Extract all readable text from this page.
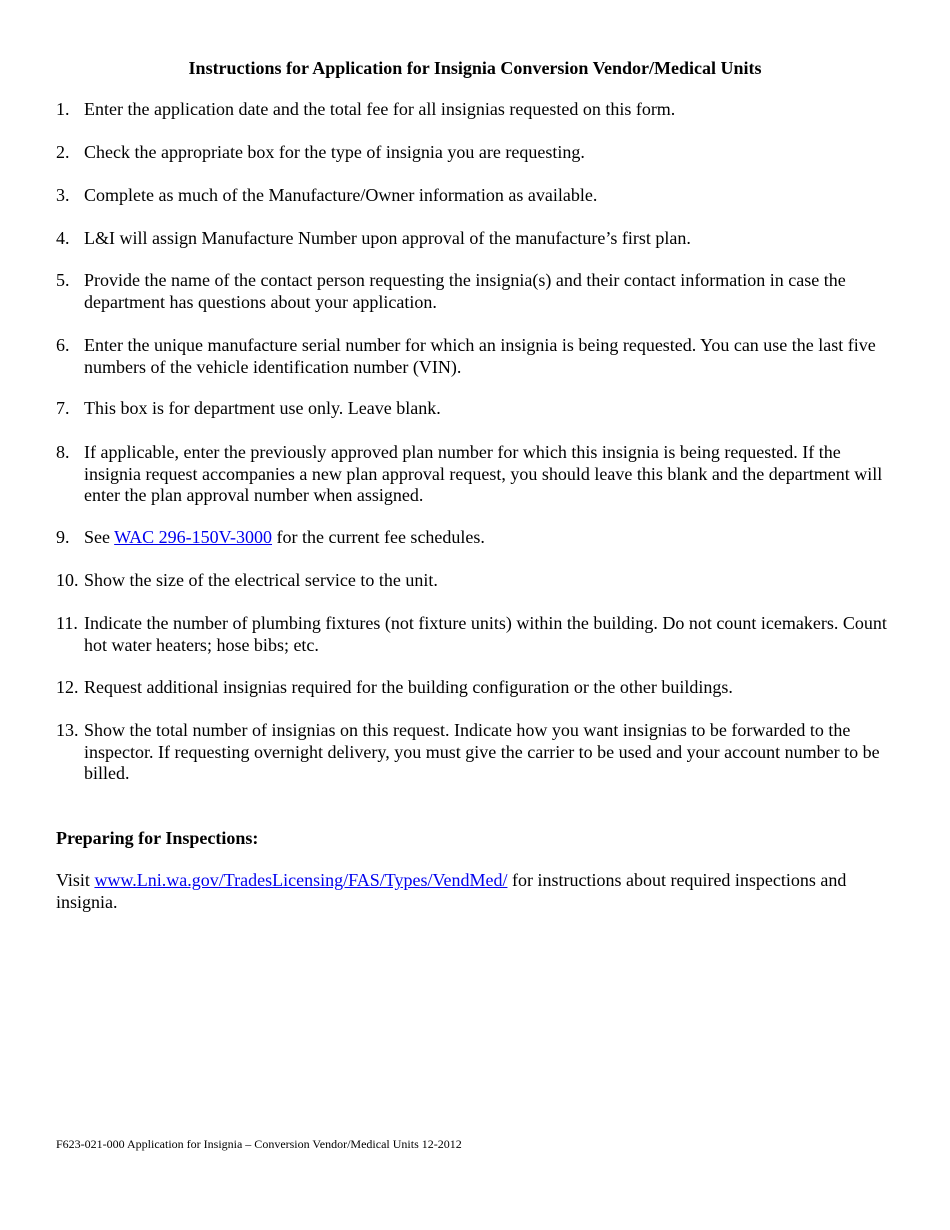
Instructions for Application for Insignia Conversion Vendor/Medical Units
1. Enter the application date and the total fee for all insignias requested on this form.
2. Check the appropriate box for the type of insignia you are requesting.
3. Complete as much of the Manufacture/Owner information as available.
4. L&I will assign Manufacture Number upon approval of the manufacture’s first plan.
5. Provide the name of the contact person requesting the insignia(s) and their contact information in case the department has questions about your application.
6. Enter the unique manufacture serial number for which an insignia is being requested. You can use the last five numbers of the vehicle identification number (VIN).
7. This box is for department use only. Leave blank.
8. If applicable, enter the previously approved plan number for which this insignia is being requested. If the insignia request accompanies a new plan approval request, you should leave this blank and the department will enter the plan approval number when assigned.
9. See WAC 296-150V-3000 for the current fee schedules.
10. Show the size of the electrical service to the unit.
11. Indicate the number of plumbing fixtures (not fixture units) within the building. Do not count icemakers. Count hot water heaters; hose bibs; etc.
12. Request additional insignias required for the building configuration or the other buildings.
13. Show the total number of insignias on this request. Indicate how you want insignias to be forwarded to the inspector. If requesting overnight delivery, you must give the carrier to be used and your account number to be billed.
Preparing for Inspections:
Visit www.Lni.wa.gov/TradesLicensing/FAS/Types/VendMed/ for instructions about required inspections and insignia.
F623-021-000 Application for Insignia – Conversion Vendor/Medical Units 12-2012
